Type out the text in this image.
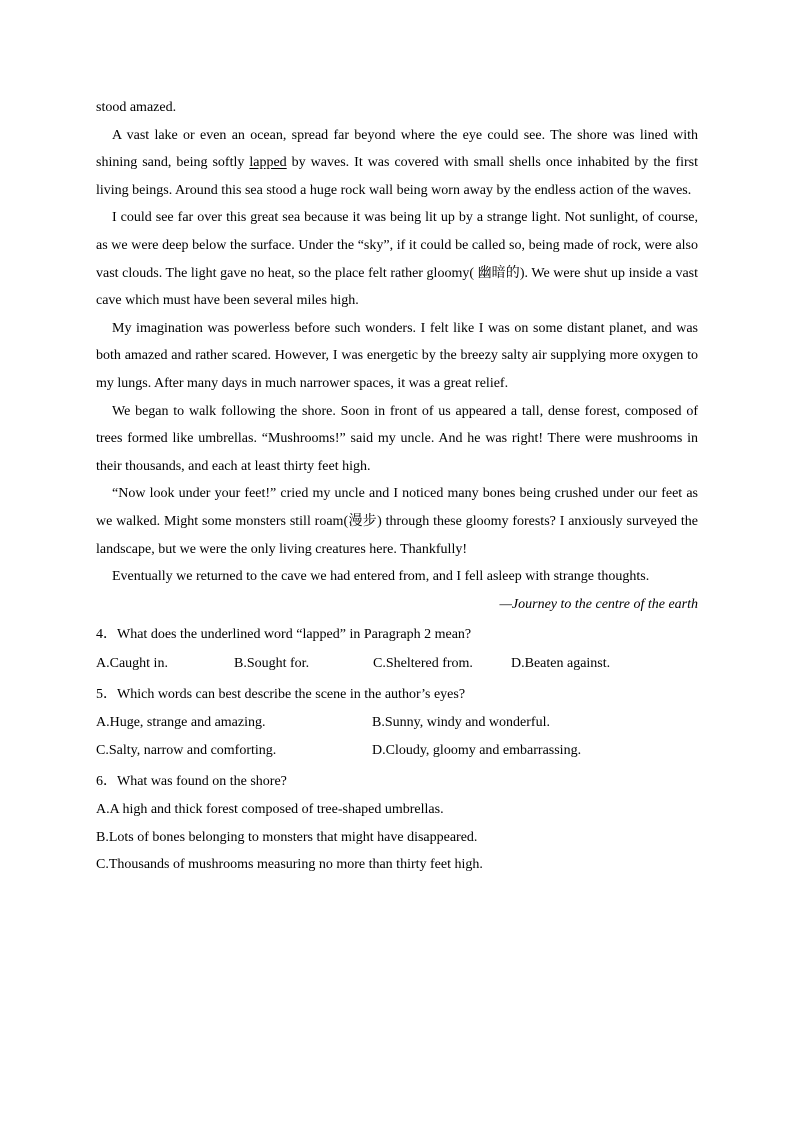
stood amazed.

A vast lake or even an ocean, spread far beyond where the eye could see. The shore was lined with shining sand, being softly lapped by waves. It was covered with small shells once inhabited by the first living beings. Around this sea stood a huge rock wall being worn away by the endless action of the waves.

I could see far over this great sea because it was being lit up by a strange light. Not sunlight, of course, as we were deep below the surface. Under the “sky”, if it could be called so, being made of rock, were also vast clouds. The light gave no heat, so the place felt rather gloomy( 幽暗的). We were shut up inside a vast cave which must have been several miles high.

My imagination was powerless before such wonders. I felt like I was on some distant planet, and was both amazed and rather scared. However, I was energetic by the breezy salty air supplying more oxygen to my lungs. After many days in much narrower spaces, it was a great relief.

We began to walk following the shore. Soon in front of us appeared a tall, dense forest, composed of trees formed like umbrellas. “Mushrooms!” said my uncle. And he was right! There were mushrooms in their thousands, and each at least thirty feet high.

“Now look under your feet!” cried my uncle and I noticed many bones being crushed under our feet as we walked. Might some monsters still roam(漫步) through these gloomy forests? I anxiously surveyed the landscape, but we were the only living creatures here. Thankfully!

Eventually we returned to the cave we had entered from, and I fell asleep with strange thoughts.

—Journey to the centre of the earth
4．What does the underlined word “lapped” in Paragraph 2 mean?
A.Caught in.	B.Sought for.	C.Sheltered from.	D.Beaten against.
5．Which words can best describe the scene in the author’s eyes?
A.Huge, strange and amazing.	B.Sunny, windy and wonderful.
C.Salty, narrow and comforting.	D.Cloudy, gloomy and embarrassing.
6．What was found on the shore?
A.A high and thick forest composed of tree-shaped umbrellas.
B.Lots of bones belonging to monsters that might have disappeared.
C.Thousands of mushrooms measuring no more than thirty feet high.
